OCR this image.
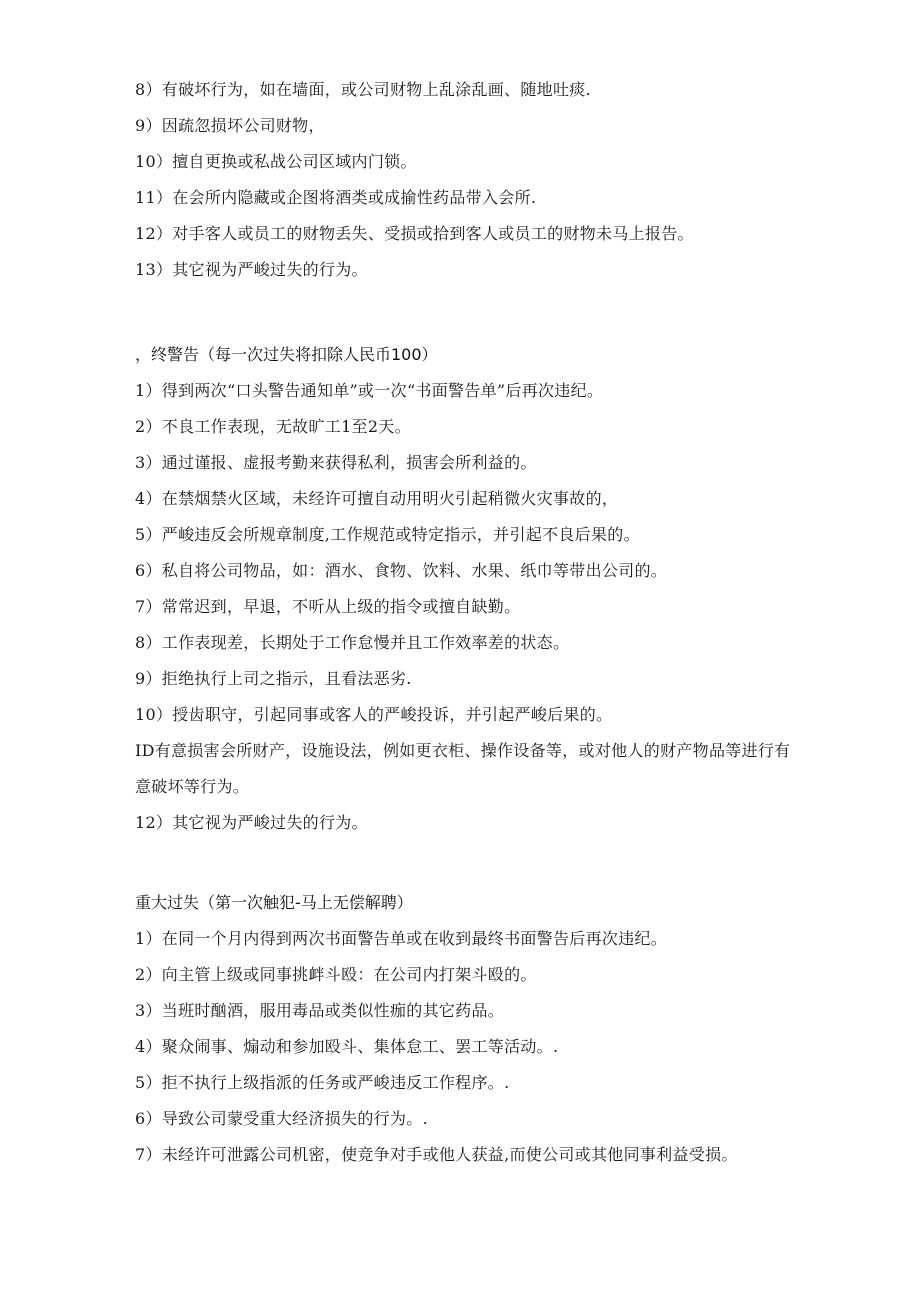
8）有破坏行为，如在墙面，或公司财物上乱涂乱画、随地吐痰.
9）因疏忽损坏公司财物，
10）擅自更换或私战公司区域内门锁。
11）在会所内隐藏或企图将酒类或成揄性药品带入会所.
12）对手客人或员工的财物丢失、受损或拾到客人或员工的财物未马上报告。
13）其它视为严峻过失的行为。
，终警告（每一次过失将扣除人民币100）
1）得到两次“口头警告通知单”或一次“书面警告单”后再次违纪。
2）不良工作表现，无故旷工1至2天。
3）通过谨报、虚报考勤来获得私利，损害会所利益的。
4）在禁烟禁火区域，未经许可擅自动用明火引起稍微火灾事故的，
5）严峻违反会所规章制度,工作规范或特定指示，并引起不良后果的。
6）私自将公司物品，如：酒水、食物、饮料、水果、纸巾等带出公司的。
7）常常迟到，早退，不听从上级的指令或擅自缺勤。
8）工作表现差，长期处于工作怠慢并且工作效率差的状态。
9）拒绝执行上司之指示，且看法恶劣.
10）授齿职守，引起同事或客人的严峻投诉，并引起严峻后果的。
ID有意损害会所财产，设施设法，例如更衣柜、操作设备等，或对他人的财产物品等进行有意破坏等行为。
12）其它视为严峻过失的行为。
重大过失（第一次触犯-马上无偿解聘）
1）在同一个月内得到两次书面警告单或在收到最终书面警告后再次违纪。
2）向主管上级或同事挑衅斗殴：在公司内打架斗殴的。
3）当班时酗酒，服用毒品或类似性痂的其它药品。
4）聚众闹事、煽动和参加殴斗、集体怠工、罢工等活动。.
5）拒不执行上级指派的任务或严峻违反工作程序。.
6）导致公司蒙受重大经济损失的行为。.
7）未经许可泄露公司机密，使竞争对手或他人获益,而使公司或其他同事利益受损。
